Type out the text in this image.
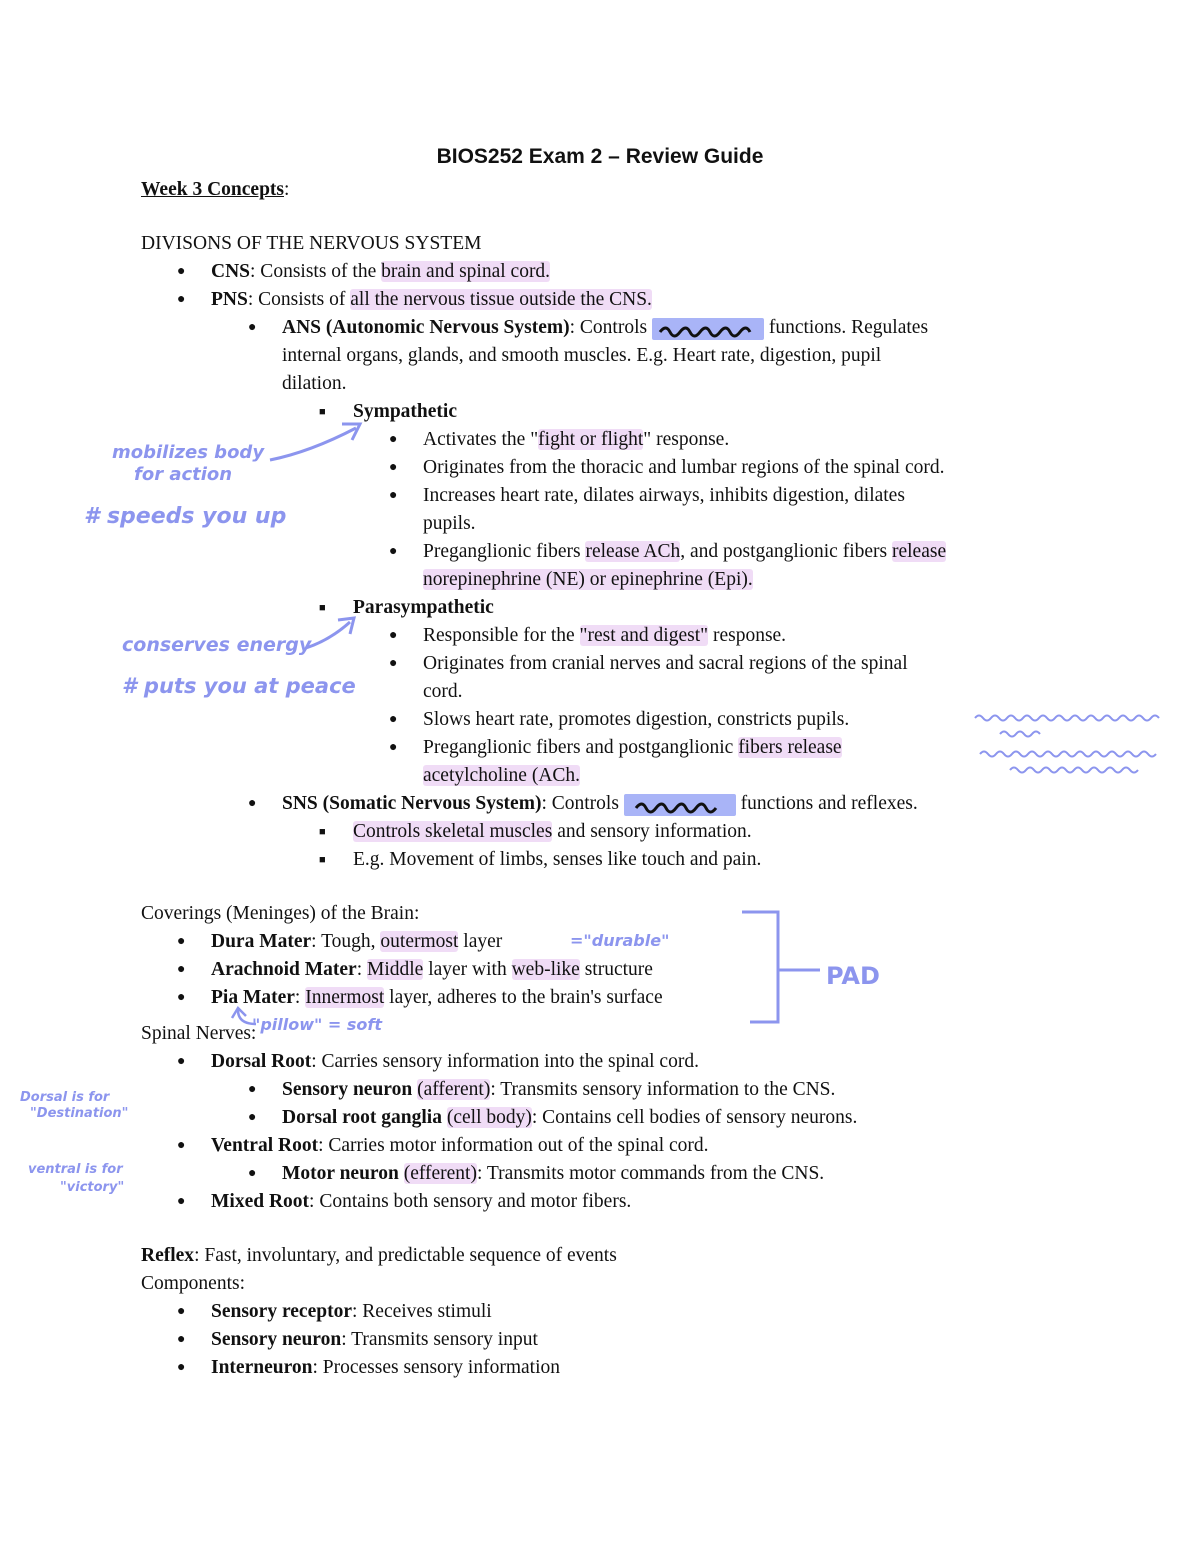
BIOS252 Exam 2 – Review Guide
Week 3 Concepts:
DIVISONS OF THE NERVOUS SYSTEM
● CNS: Consists of the brain and spinal cord.
● PNS: Consists of all the nervous tissue outside the CNS.
● ANS (Autonomic Nervous System): Controls	functions. Regulates
internal organs, glands, and smooth muscles. E.g. Heart rate, digestion, pupil
dilation.
■ Sympathetic
● Activates the "fight or flight" response.
● Originates from the thoracic and lumbar regions of the spinal cord.
● Increases heart rate, dilates airways, inhibits digestion, dilates
pupils.
● Preganglionic fibers release ACh, and postganglionic fibers release
norepinephrine (NE) or epinephrine (Epi).
■ Parasympathetic
● Responsible for the "rest and digest" response.
● Originates from cranial nerves and sacral regions of the spinal
cord.
● Slows heart rate, promotes digestion, constricts pupils.
● Preganglionic fibers and postganglionic fibers release
acetylcholine (ACh.
● SNS (Somatic Nervous System): Controls	functions and reflexes.
■ Controls skeletal muscles and sensory information.
■ E.g. Movement of limbs, senses like touch and pain.
Coverings (Meninges) of the Brain:
● Dura Mater: Tough, outermost layer
● Arachnoid Mater: Middle layer with web-like structure
● Pia Mater: Innermost layer, adheres to the brain's surface
Spinal Nerves:
● Dorsal Root: Carries sensory information into the spinal cord.
● Sensory neuron (afferent): Transmits sensory information to the CNS.
● Dorsal root ganglia (cell body): Contains cell bodies of sensory neurons.
● Ventral Root: Carries motor information out of the spinal cord.
● Motor neuron (efferent): Transmits motor commands from the CNS.
● Mixed Root: Contains both sensory and motor fibers.
Reflex: Fast, involuntary, and predictable sequence of events
Components:
● Sensory receptor: Receives stimuli
● Sensory neuron: Transmits sensory input
● Interneuron: Processes sensory information
mobilizes body
for action
# speeds you up
conserves energy
# puts you at peace
="durable"
PAD
"pillow" = soft
Dorsal is for
"Destination"
ventral is for
"victory"
